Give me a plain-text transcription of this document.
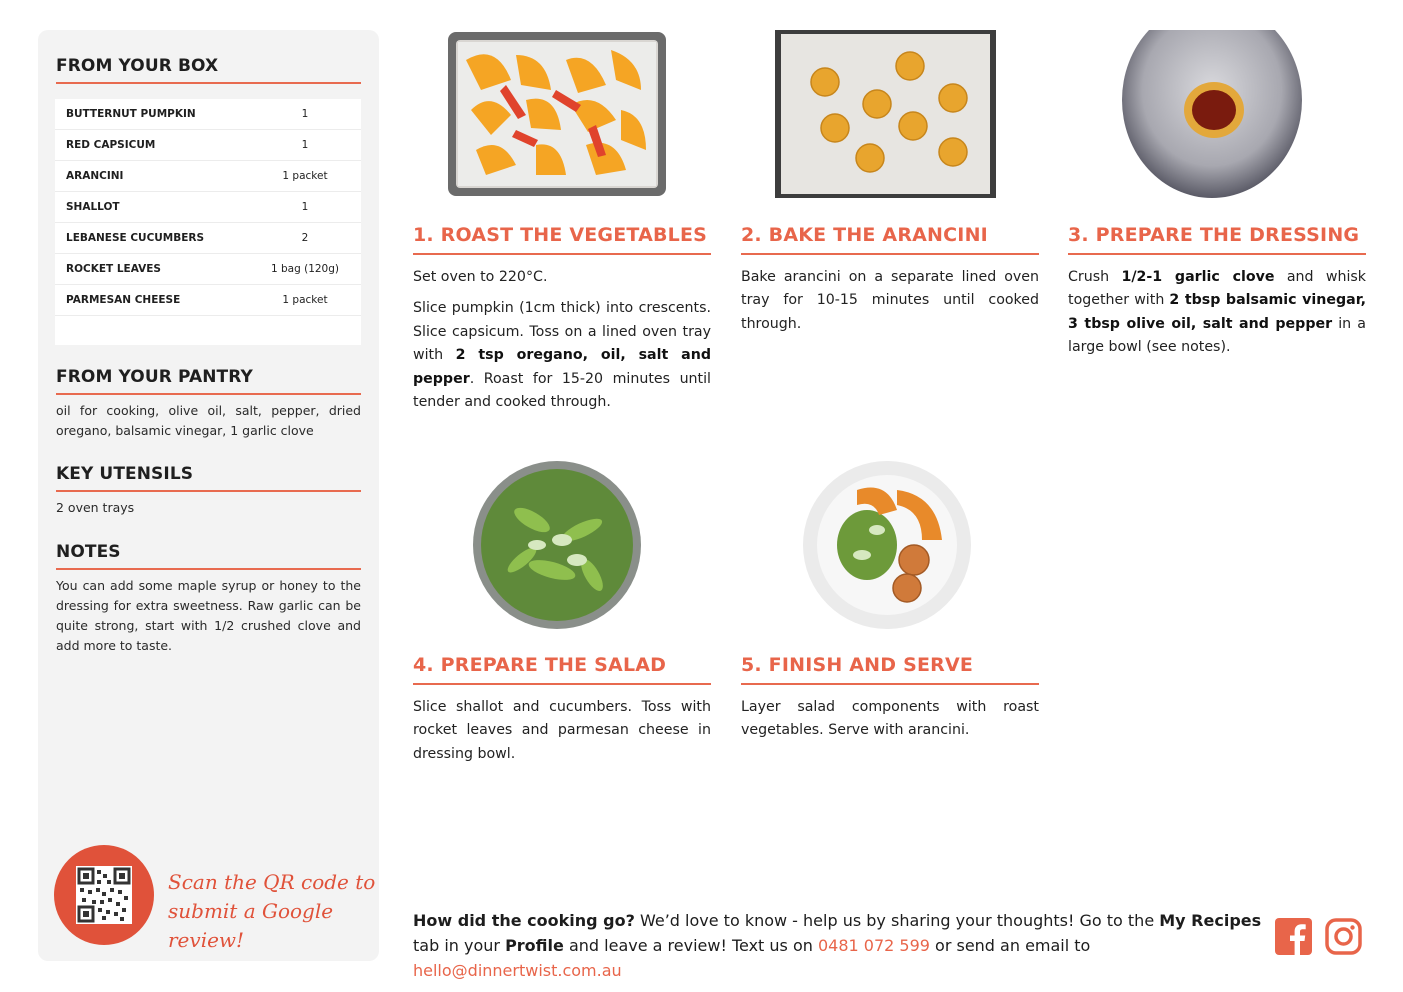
FROM YOUR BOX
BUTTERNUT PUMPKIN	1
RED CAPSICUM	1
ARANCINI	1 packet
SHALLOT	1
LEBANESE CUCUMBERS	2
ROCKET LEAVES	1 bag (120g)
PARMESAN CHEESE	1 packet
FROM YOUR PANTRY
oil for cooking, olive oil, salt, pepper, dried oregano, balsamic vinegar, 1 garlic clove
KEY UTENSILS
2 oven trays
NOTES
You can add some maple syrup or honey to the dressing for extra sweetness. Raw garlic can be quite strong, start with 1/2 crushed clove and add more to taste.
Scan the QR code to
submit a Google review!
1. ROAST THE VEGETABLES

Set oven to 220°C.

Slice pumpkin (1cm thick) into crescents. Slice capsicum. Toss on a lined oven tray with 2 tsp oregano, oil, salt and pepper. Roast for 15-20 minutes until tender and cooked through.

2. BAKE THE ARANCINI

Bake arancini on a separate lined oven tray for 10-15 minutes until cooked through.

3. PREPARE THE DRESSING

Crush 1/2-1 garlic clove and whisk together with 2 tbsp balsamic vinegar, 3 tbsp olive oil, salt and pepper in a large bowl (see notes).

4. PREPARE THE SALAD

Slice shallot and cucumbers. Toss with rocket leaves and parmesan cheese in dressing bowl.

5. FINISH AND SERVE

Layer salad components with roast vegetables. Serve with arancini.

How did the cooking go? We’d love to know - help us by sharing your thoughts! Go to the My Recipes tab in your Profile and leave a review! Text us on 0481 072 599 or send an email to hello@dinnertwist.com.au
